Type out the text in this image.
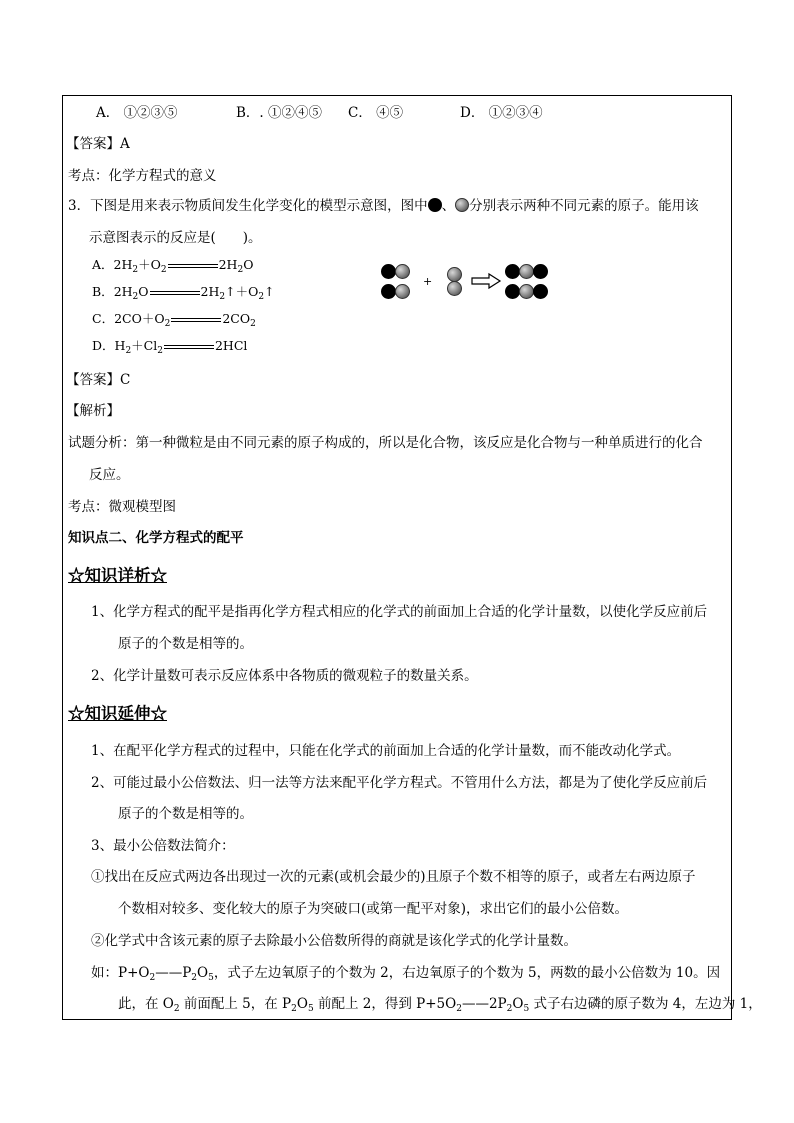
A． ①②③⑤	B．. ①②④⑤ C． ④⑤	D． ①②③④
【答案】A
考点：化学方程式的意义
3．下图是用来表示物质间发生化学变化的模型示意图，图中 、 分别表示两种不同元素的原子。能用该
示意图表示的反应是(　　)。
A．$2H_2+O_2$	$2H_2O$
B．$2H_2O$	$2H_2↑+O_2↑$
C．$2CO+O_2$	$2CO_2$
D．$H_2+Cl_2$	2HCl
+
【答案】C
【解析】
试题分析：第一种微粒是由不同元素的原子构成的，所以是化合物，该反应是化合物与一种单质进行的化合
反应。
考点：微观模型图
知识点二、化学方程式的配平
☆知识详析☆
1、化学方程式的配平是指再化学方程式相应的化学式的前面加上合适的化学计量数，以使化学反应前后
原子的个数是相等的。
2、化学计量数可表示反应体系中各物质的微观粒子的数量关系。
☆知识延伸☆
1、在配平化学方程式的过程中，只能在化学式的前面加上合适的化学计量数，而不能改动化学式。
2、可能过最小公倍数法、归一法等方法来配平化学方程式。不管用什么方法，都是为了使化学反应前后
原子的个数是相等的。
3、最小公倍数法简介：
①找出在反应式两边各出现过一次的元素(或机会最少的)且原子个数不相等的原子，或者左右两边原子
个数相对较多、变化较大的原子为突破口(或第一配平对象)，求出它们的最小公倍数。
②化学式中含该元素的原子去除最小公倍数所得的商就是该化学式的化学计量数。
如：$P+O_2——P_2O_5$，式子左边氧原子的个数为 2，右边氧原子的个数为 5，两数的最小公倍数为 10。因
此，在 $O_2$ 前面配上 5，在 $P_2O_5$ 前配上 2，得到 $P+5O_2——2P_2O_5$ 式子右边磷的原子数为 4，左边为 1，
